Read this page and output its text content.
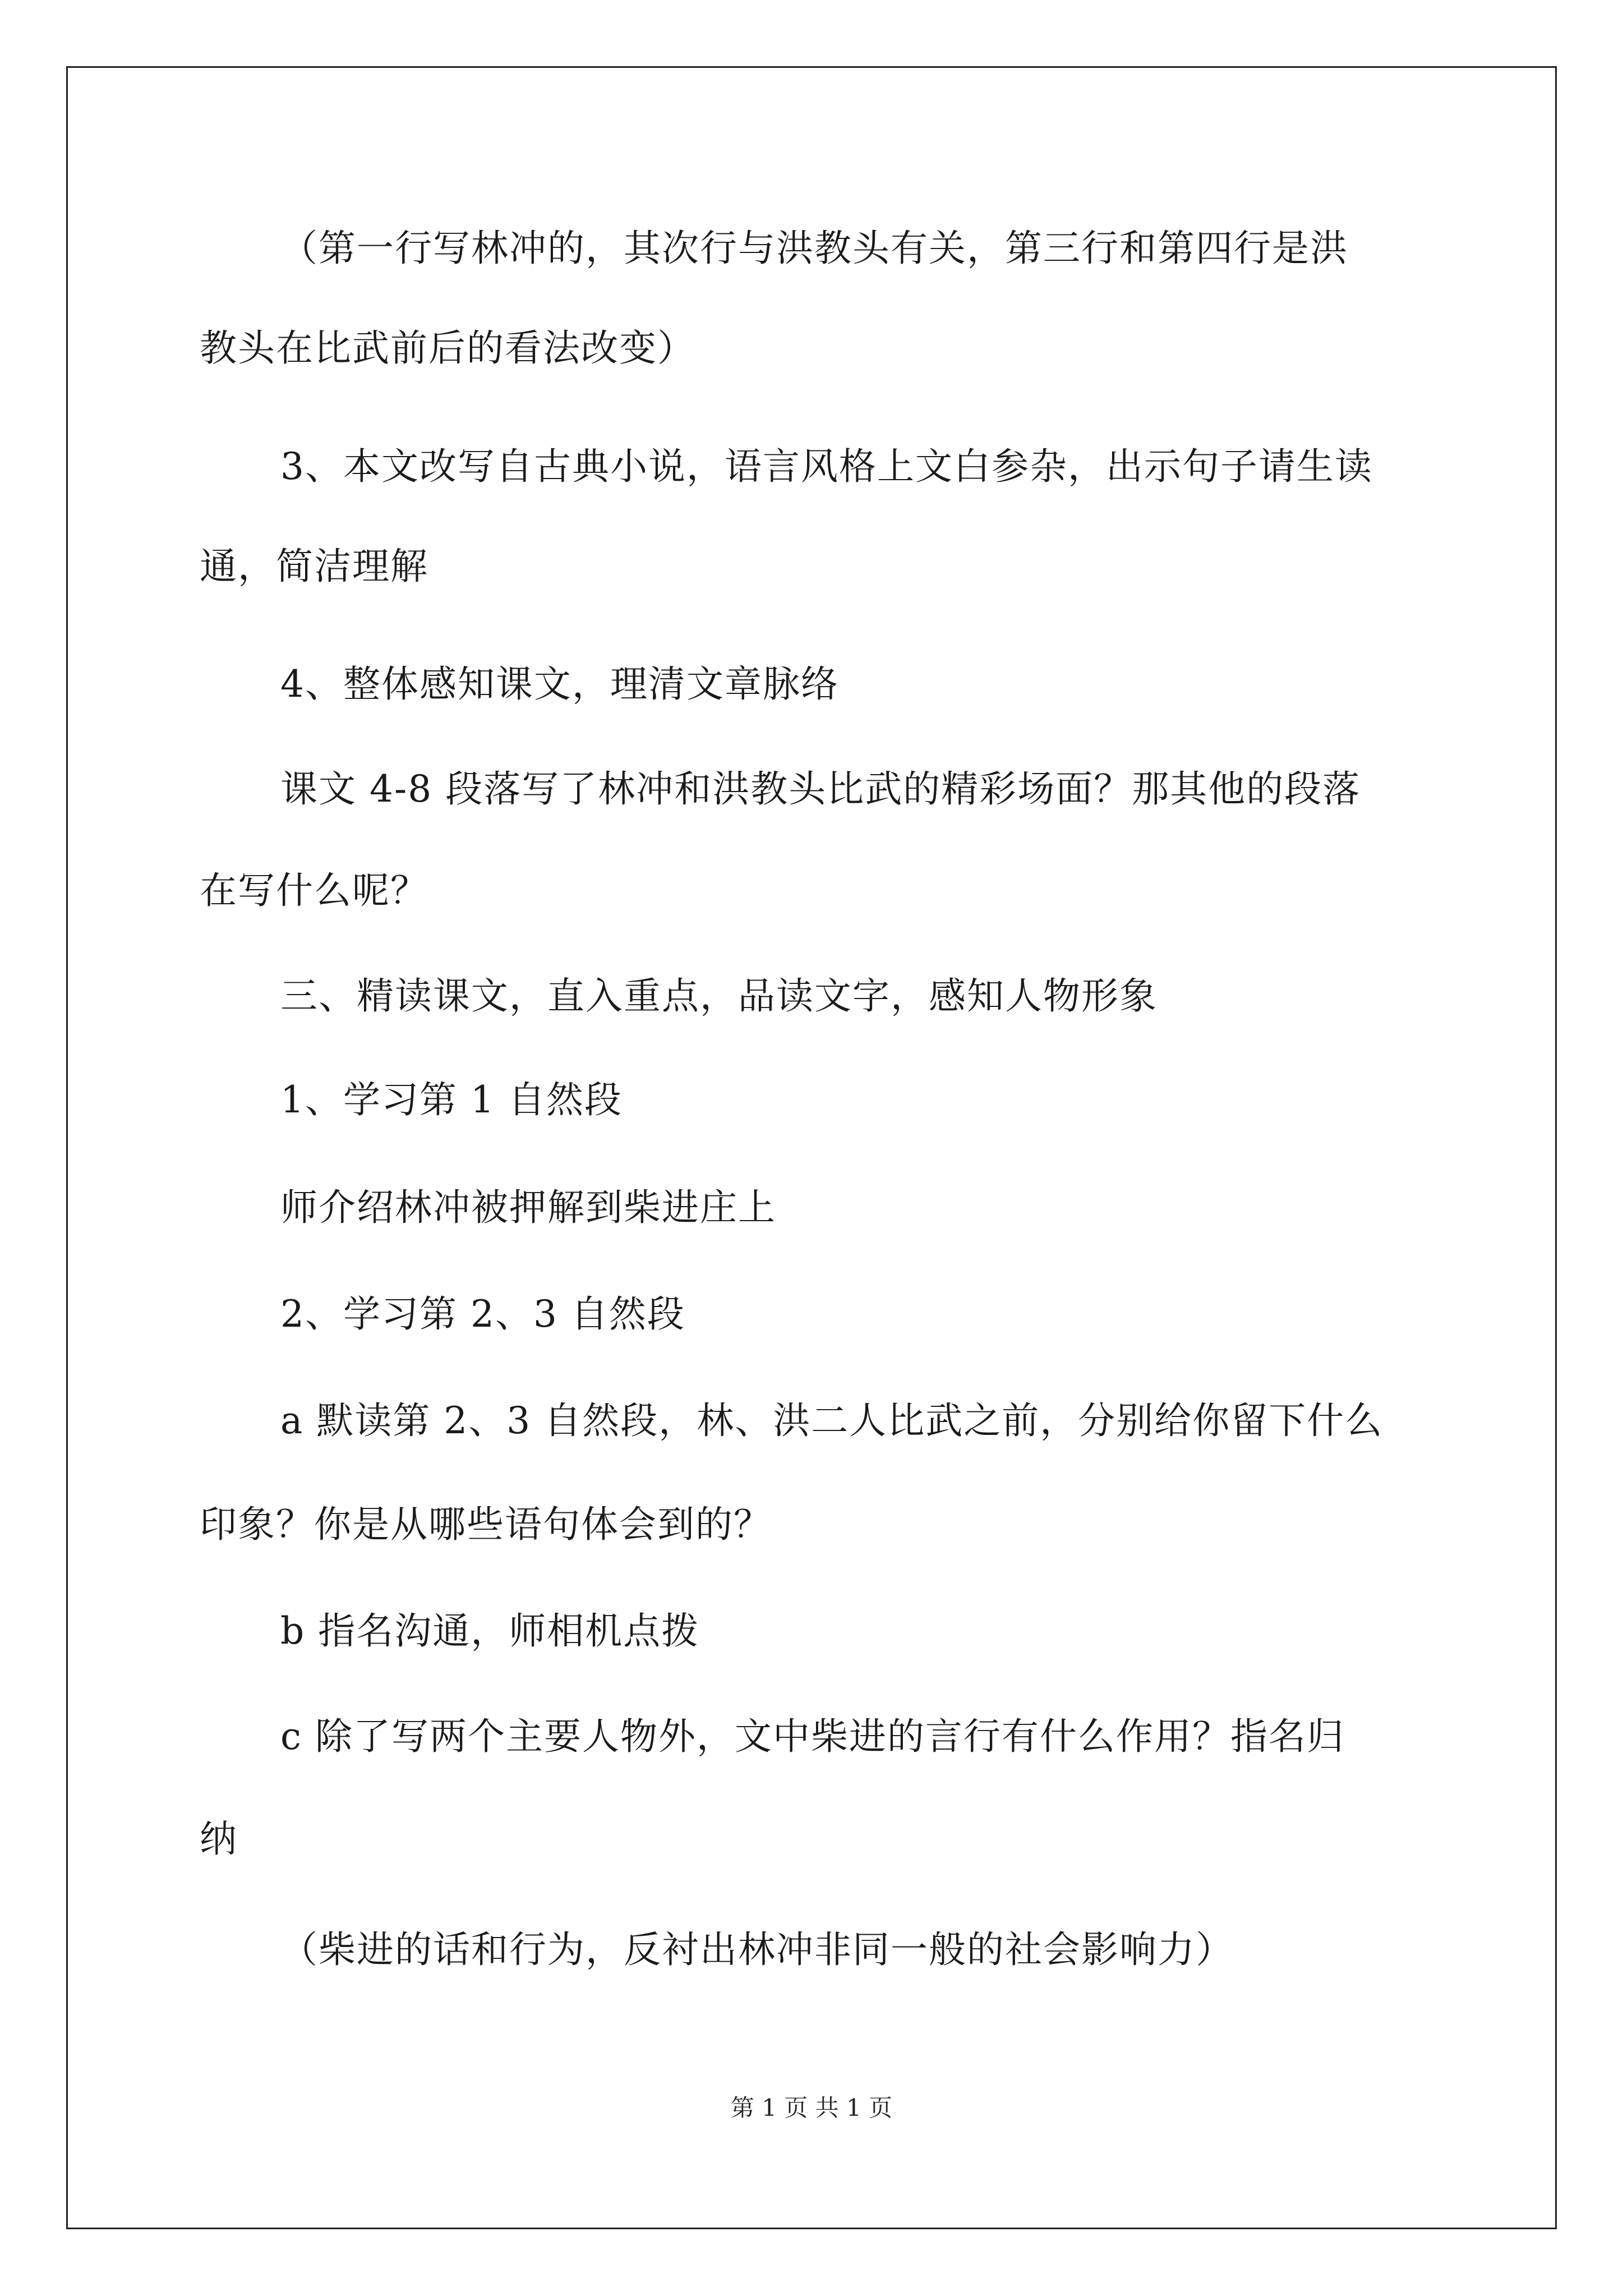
（第一行写林冲的，其次行与洪教头有关，第三行和第四行是洪
教头在比武前后的看法改变）
3、本文改写自古典小说，语言风格上文白参杂，出示句子请生读
通，简洁理解
4、整体感知课文，理清文章脉络
课文 4-8 段落写了林冲和洪教头比武的精彩场面？那其他的段落
在写什么呢？
三、精读课文，直入重点，品读文字，感知人物形象
1、学习第 1 自然段
师介绍林冲被押解到柴进庄上
2、学习第 2、3 自然段
a 默读第 2、3 自然段，林、洪二人比武之前，分别给你留下什么
印象？你是从哪些语句体会到的？
b 指名沟通，师相机点拨
c 除了写两个主要人物外，文中柴进的言行有什么作用？指名归
纳
（柴进的话和行为，反衬出林冲非同一般的社会影响力）
第 1 页 共 1 页
